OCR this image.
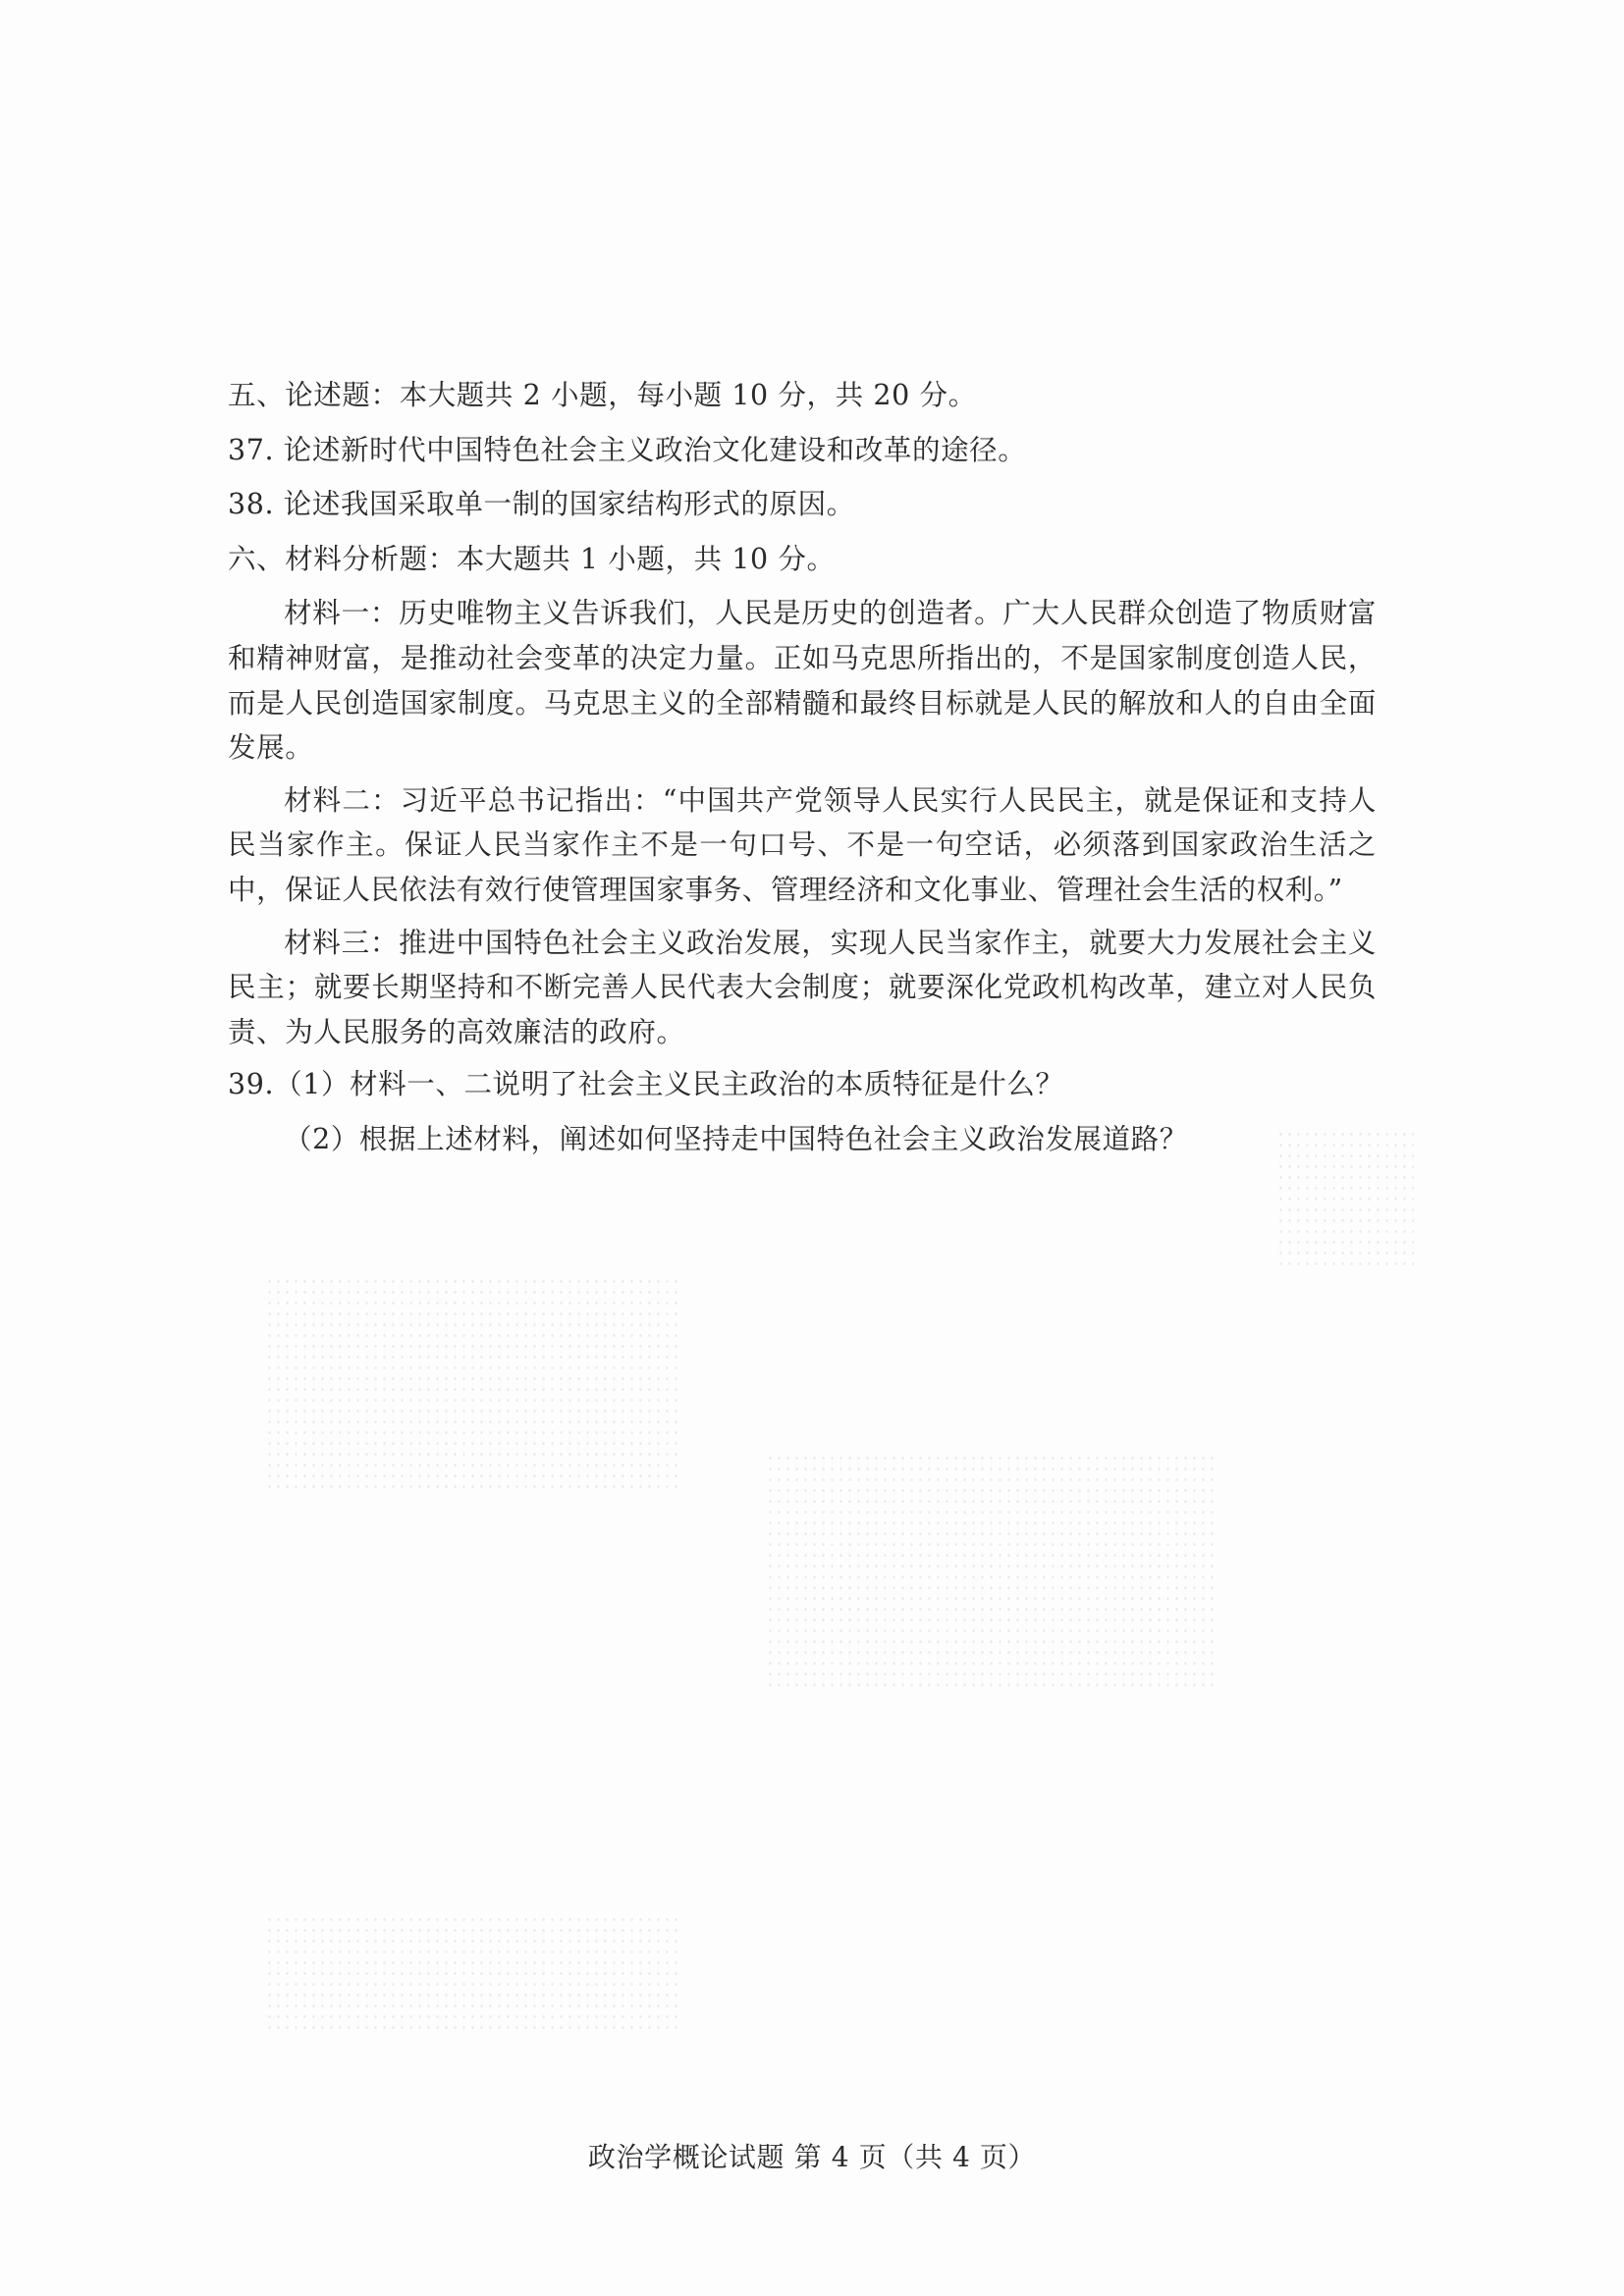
五、论述题：本大题共 2 小题，每小题 10 分，共 20 分。
37. 论述新时代中国特色社会主义政治文化建设和改革的途径。
38. 论述我国采取单一制的国家结构形式的原因。
六、材料分析题：本大题共 1 小题，共 10 分。
材料一：历史唯物主义告诉我们，人民是历史的创造者。广大人民群众创造了物质财富和精神财富，是推动社会变革的决定力量。正如马克思所指出的，不是国家制度创造人民，而是人民创造国家制度。马克思主义的全部精髓和最终目标就是人民的解放和人的自由全面发展。
材料二：习近平总书记指出：“中国共产党领导人民实行人民民主，就是保证和支持人民当家作主。保证人民当家作主不是一句口号、不是一句空话，必须落到国家政治生活之中，保证人民依法有效行使管理国家事务、管理经济和文化事业、管理社会生活的权利。”
材料三：推进中国特色社会主义政治发展，实现人民当家作主，就要大力发展社会主义民主；就要长期坚持和不断完善人民代表大会制度；就要深化党政机构改革，建立对人民负责、为人民服务的高效廉洁的政府。
39.（1）材料一、二说明了社会主义民主政治的本质特征是什么？
（2）根据上述材料，阐述如何坚持走中国特色社会主义政治发展道路？
政治学概论试题 第 4 页（共 4 页）
